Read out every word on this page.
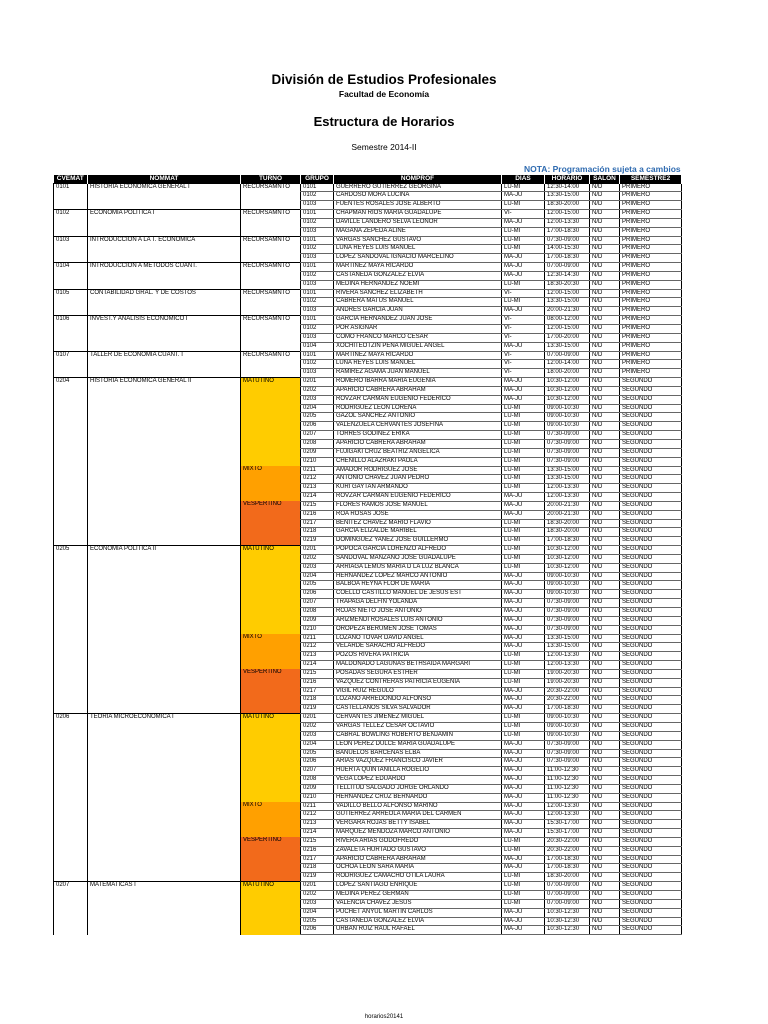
División de Estudios Profesionales
Facultad de Economía
Estructura de Horarios
Semestre 2014-II
NOTA: Programación sujeta a cambios
CVEMAT	NOMMAT	TURNO	GRUPO	NOMPROF	DIAS	HORARIO	SALON	SEMESTRE2
0101	HISTORIA ECONOMICA GENERAL I	RECURSAMNTO	0101	GUERRERO GUTIERREZ GEORGINA	LU-MI	12:30-14:00	N/D	PRIMERO
			0102	CARDOSO MORA LUCINA	MA-JU	13:30-15:00	N/D	PRIMERO
			0103	FUENTES ROSALES JOSE ALBERTO	LU-MI	18:30-20:00	N/D	PRIMERO
0102	ECONOMIA POLITICA I	RECURSAMNTO	0101	CHAPMAN RIOS MARIA GUADALUPE	VI-	12:00-15:00	N/D	PRIMERO
			0102	DAVILLE LANDERO SELVA LEONOR	MA-JU	12:00-13:30	N/D	PRIMERO
			0103	MAGANA ZEPEDA ALINE	LU-MI	17:00-18:30	N/D	PRIMERO
0103	INTRODUCCION A LA T. ECONOMICA	RECURSAMNTO	0101	VARGAS SANCHEZ GUSTAVO	LU-MI	07:30-09:00	N/D	PRIMERO
			0102	LUNA REYES LUIS MANUEL	LU-MI	14:00-15:30	N/D	PRIMERO
			0103	LOPEZ SANDOVAL IGNACIO MARCELINO	MA-JU	17:00-18:30	N/D	PRIMERO
0104	INTRODUCCION A METODOS CUANT.	RECURSAMNTO	0101	MARTINEZ MAYA RICARDO	MA-JU	07:00-09:00	N/D	PRIMERO
			0102	CASTANEDA GONZALEZ ELVIA	MA-JU	12:30-14:30	N/D	PRIMERO
			0103	MEDINA HERNANDEZ NOEMI	LU-MI	18:30-20:30	N/D	PRIMERO
0105	CONTABILIDAD GRAL. Y DE COSTOS	RECURSAMNTO	0101	RIVERA SANCHEZ ELIZABETH	VI-	12:00-15:00	N/D	PRIMERO
			0102	CABRERA MATUS MANUEL	LU-MI	13:30-15:00	N/D	PRIMERO
			0103	ANDRES GARCIA JUAN	MA-JU	20:00-21:30	N/D	PRIMERO
0106	INVEST.Y ANALISIS ECONOMICO I	RECURSAMNTO	0101	GARCIA HERNANDEZ JUAN JOSE	VI-	08:00-12:00	N/D	PRIMERO
			0102	POR ASIGNAR	VI-	12:00-15:00	N/D	PRIMERO
			0103	COMO FRANCO MARCO CESAR	VI-	17:00-20:00	N/D	PRIMERO
			0104	XOCHITEOTZIN PENA MIGUEL ANGEL	MA-JU	13:30-15:00	N/D	PRIMERO
0107	TALLER DE ECONOMIA CUANT. I	RECURSAMNTO	0101	MARTINEZ MAYA RICARDO	VI-	07:00-09:00	N/D	PRIMERO
			0102	LUNA REYES LUIS MANUEL	VI-	12:00-14:00	N/D	PRIMERO
			0103	RAMIREZ AGAMA JUAN MANUEL	VI-	18:00-20:00	N/D	PRIMERO
0204	HISTORIA ECONOMICA GENERAL II	MATUTINO	0201	ROMERO IBARRA MARIA EUGENIA	MA-JU	10:30-12:00	N/D	SEGUNDO
			0202	APARICIO CABRERA ABRAHAM	MA-JU	10:30-12:00	N/D	SEGUNDO
			0203	ROVZAR CARMAN EUGENIO FEDERICO	MA-JU	10:30-12:00	N/D	SEGUNDO
			0204	RODRIGUEZ LEON LORENA	LU-MI	09:00-10:30	N/D	SEGUNDO
			0205	GAZOL SANCHEZ ANTONIO	LU-MI	09:00-10:30	N/D	SEGUNDO
			0206	VALENZUELA CERVANTES JOSEFINA	LU-MI	09:00-10:30	N/D	SEGUNDO
			0207	TORRES GODINEZ ERIKA	LU-MI	07:30-09:00	N/D	SEGUNDO
			0208	APARICIO CABRERA ABRAHAM	LU-MI	07:30-09:00	N/D	SEGUNDO
			0209	FUJIGAKI CRUZ BEATRIZ ANGELICA	LU-MI	07:30-09:00	N/D	SEGUNDO
			0210	CHENILLO ALAZRAKI PAOLA	LU-MI	07:30-09:00	N/D	SEGUNDO
		MIXTO	0211	AMADOR RODRIGUEZ JOSE	LU-MI	13:30-15:00	N/D	SEGUNDO
			0212	ANTONIO CHAVEZ JUAN PEDRO	LU-MI	13:30-15:00	N/D	SEGUNDO
			0213	KURI GAYTAN ARMANDO	LU-MI	12:00-13:30	N/D	SEGUNDO
			0214	ROVZAR CARMAN EUGENIO FEDERICO	MA-JU	12:00-13:30	N/D	SEGUNDO
		VESPERTINO	0215	FLORES RAMOS JOSE MANUEL	MA-JU	20:00-21:30	N/D	SEGUNDO
			0216	ROA ROSAS JOSE	MA-JU	20:00-21:30	N/D	SEGUNDO
			0217	BENITEZ CHAVEZ MARIO FLAVIO	LU-MI	18:30-20:00	N/D	SEGUNDO
			0218	GARCIA ELIZALDE MARIBEL	LU-MI	18:30-20:00	N/D	SEGUNDO
			0219	DOMINGUEZ YANEZ JOSE GUILLERMO	LU-MI	17:00-18:30	N/D	SEGUNDO
0205	ECONOMIA POLITICA II	MATUTINO	0201	POPOCA GARCIA LORENZO ALFREDO	LU-MI	10:30-12:00	N/D	SEGUNDO
			0202	SANDOVAL MANZANO JOSE GUADALUPE	LU-MI	10:30-12:00	N/D	SEGUNDO
			0203	ARRIAGA LEMUS MARIA D LA LUZ BLANCA	LU-MI	10:30-12:00	N/D	SEGUNDO
			0204	HERNANDEZ LOPEZ MARCO ANTONIO	MA-JU	09:00-10:30	N/D	SEGUNDO
			0205	BALBOA REYNA FLOR DE MARIA	MA-JU	09:00-10:30	N/D	SEGUNDO
			0206	COELLO CASTILLO MANUEL DE JESUS EST	MA-JU	09:00-10:30	N/D	SEGUNDO
			0207	TRAPAGA DELFIN YOLANDA	MA-JU	07:30-09:00	N/D	SEGUNDO
			0208	ROJAS NIETO JOSE ANTONIO	MA-JU	07:30-09:00	N/D	SEGUNDO
			0209	ARIZMENDI ROSALES LUIS ANTONIO	MA-JU	07:30-09:00	N/D	SEGUNDO
			0210	OROPEZA BERUMEN JOSE TOMAS	MA-JU	07:30-09:00	N/D	SEGUNDO
		MIXTO	0211	LOZANO TOVAR DAVID ANGEL	MA-JU	13:30-15:00	N/D	SEGUNDO
			0212	VELARDE SARACHO ALFREDO	MA-JU	13:30-15:00	N/D	SEGUNDO
			0213	POZOS RIVERA PATRICIA	LU-MI	12:00-13:30	N/D	SEGUNDO
			0214	MALDONADO LAGUNAS BETHSAIDA MARGARI	LU-MI	12:00-13:30	N/D	SEGUNDO
		VESPERTINO	0215	POSADAS SEGURA ESTHER	LU-MI	19:00-20:30	N/D	SEGUNDO
			0216	VAZQUEZ CONTRERAS PATRICIA EUGENIA	LU-MI	19:00-20:30	N/D	SEGUNDO
			0217	VIGIL RUIZ REGULO	MA-JU	20:30-22:00	N/D	SEGUNDO
			0218	LOZANO ARREDONDO ALFONSO	MA-JU	20:30-22:00	N/D	SEGUNDO
			0219	CASTELLANOS SILVA SALVADOR	MA-JU	17:00-18:30	N/D	SEGUNDO
0206	TEORIA MICROECONOMICA I	MATUTINO	0201	CERVANTES JIMENEZ MIGUEL	LU-MI	09:00-10:30	N/D	SEGUNDO
			0202	VARGAS TELLEZ CESAR OCTAVIO	LU-MI	09:00-10:30	N/D	SEGUNDO
			0203	CABRAL BOWLING ROBERTO BENJAMIN	LU-MI	09:00-10:30	N/D	SEGUNDO
			0204	LEON PEREZ DULCE MARIA GUADALUPE	MA-JU	07:30-09:00	N/D	SEGUNDO
			0205	BANUELOS BARCENAS ELBA	MA-JU	07:30-09:00	N/D	SEGUNDO
			0206	ARIAS VAZQUEZ FRANCISCO JAVIER	MA-JU	07:30-09:00	N/D	SEGUNDO
			0207	HUERTA QUINTANILLA ROGELIO	MA-JU	11:00-12:30	N/D	SEGUNDO
			0208	VEGA LOPEZ EDUARDO	MA-JU	11:00-12:30	N/D	SEGUNDO
			0209	TELLITUD SALGADO JORGE ORLANDO	MA-JU	11:00-12:30	N/D	SEGUNDO
			0210	HERNANDEZ CRUZ BERNARDO	MA-JU	11:00-12:30	N/D	SEGUNDO
		MIXTO	0211	VADILLO BELLO ALFONSO MARINO	MA-JU	12:00-13:30	N/D	SEGUNDO
			0212	GUTIERREZ ARREOLA MARIA DEL CARMEN	MA-JU	12:00-13:30	N/D	SEGUNDO
			0213	VERGARA ROJAS BETTY ISABEL	MA-JU	15:30-17:00	N/D	SEGUNDO
			0214	MARQUEZ MENDOZA MARCO ANTONIO	MA-JU	15:30-17:00	N/D	SEGUNDO
		VESPERTINO	0215	RIVERA ARIAS GODOFREDO	LU-MI	20:30-22:00	N/D	SEGUNDO
			0216	ZAVALETA HURTADO GUSTAVO	LU-MI	20:30-22:00	N/D	SEGUNDO
			0217	APARICIO CABRERA ABRAHAM	MA-JU	17:00-18:30	N/D	SEGUNDO
			0218	OCHOA LEON SARA MARIA	MA-JU	17:00-18:30	N/D	SEGUNDO
			0219	RODRIGUEZ CAMACHO OTILA LAURA	LU-MI	18:30-20:00	N/D	SEGUNDO
0207	MATEMATICAS I	MATUTINO	0201	LOPEZ SANTIAGO ENRIQUE	LU-MI	07:00-09:00	N/D	SEGUNDO
			0202	MEDINA PEREZ GERMAN	LU-MI	07:00-09:00	N/D	SEGUNDO
			0203	VALENCIA CHAVEZ JESUS	LU-MI	07:00-09:00	N/D	SEGUNDO
			0204	PUCHET ANYUL MARTIN CARLOS	MA-JU	10:30-12:30	N/D	SEGUNDO
			0205	CASTANEDA GONZALEZ ELVIA	MA-JU	10:30-12:30	N/D	SEGUNDO
			0206	URBAN RUIZ RAUL RAFAEL	MA-JU	10:30-12:30	N/D	SEGUNDO
horarios20141
